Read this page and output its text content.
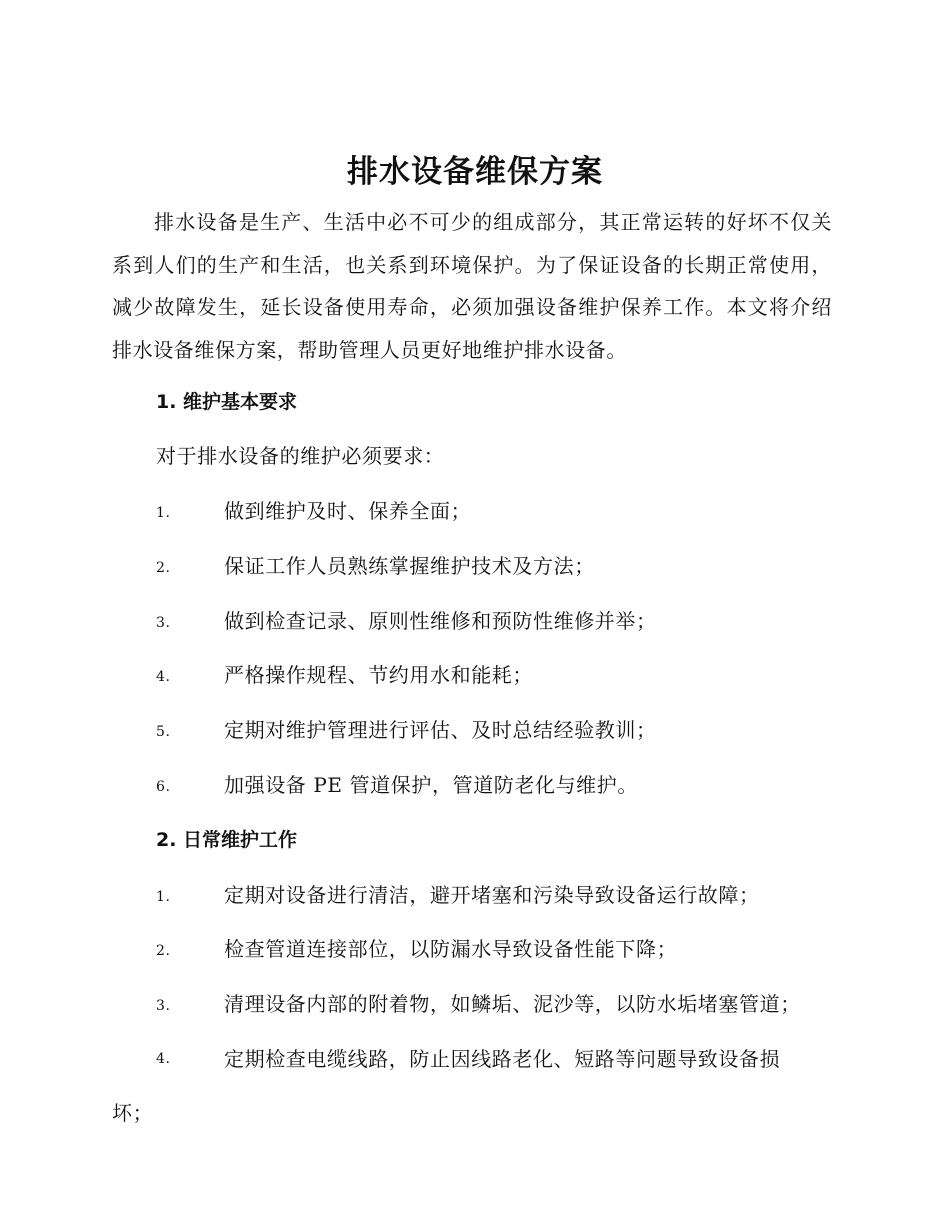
排水设备维保方案

排水设备是生产、生活中必不可少的组成部分，其正常运转的好坏不仅关系到人们的生产和生活，也关系到环境保护。为了保证设备的长期正常使用，减少故障发生，延长设备使用寿命，必须加强设备维护保养工作。本文将介绍排水设备维保方案，帮助管理人员更好地维护排水设备。

1. 维护基本要求
对于排水设备的维护必须要求：
1.	做到维护及时、保养全面；
2.	保证工作人员熟练掌握维护技术及方法；
3.	做到检查记录、原则性维修和预防性维修并举；
4.	严格操作规程、节约用水和能耗；
5.	定期对维护管理进行评估、及时总结经验教训；
6.	加强设备 PE 管道保护，管道防老化与维护。
2. 日常维护工作
1.	定期对设备进行清洁，避开堵塞和污染导致设备运行故障；
2.	检查管道连接部位，以防漏水导致设备性能下降；
3.	清理设备内部的附着物，如鳞垢、泥沙等，以防水垢堵塞管道；
4.	定期检查电缆线路，防止因线路老化、短路等问题导致设备损
坏；
